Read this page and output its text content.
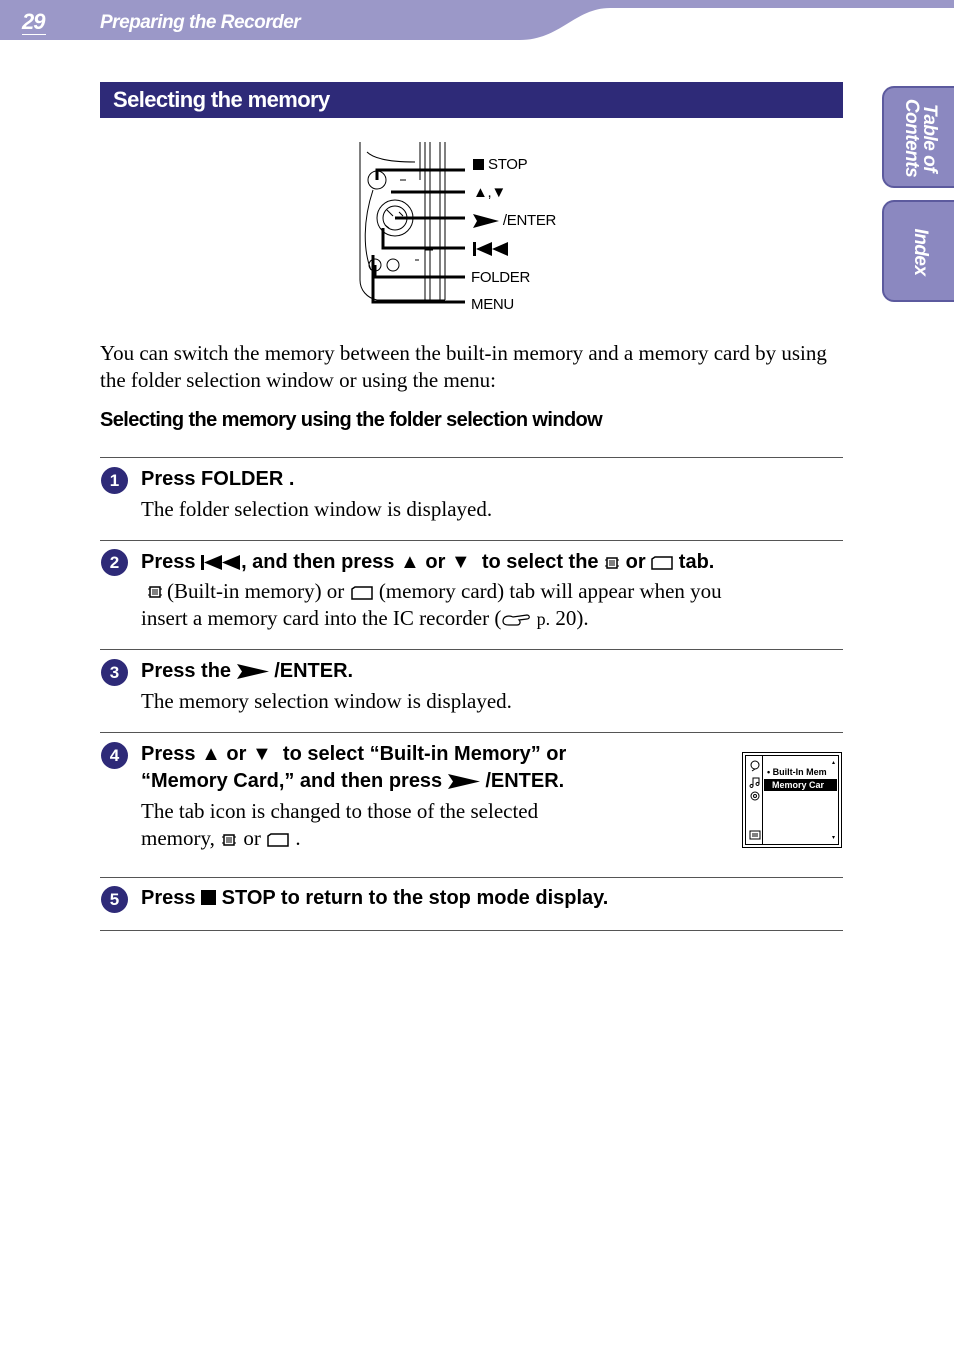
29	Preparing the Recorder
Table of
Contents
Index
Selecting the memory
STOP
▲,▼
/ENTER
FOLDER
MENU
You can switch the memory between the built-in memory and a memory card by using the folder selection window or using the menu:
Selecting the memory using the folder selection window
1	Press FOLDER .
The folder selection window is displayed.
2	Press , and then press ▲ or ▼ to select the or tab.
(Built-in memory) or (memory card) tab will appear when you
insert a memory card into the IC recorder ( p. 20).
3	Press the /ENTER.
The memory selection window is displayed.
4	Press ▲ or ▼ to select “Built-in Memory” or
“Memory Card,” and then press /ENTER.
The tab icon is changed to those of the selected
memory, or .
• Built-In Mem
Memory Car
▴
▾
5	Press STOP to return to the stop mode display.
